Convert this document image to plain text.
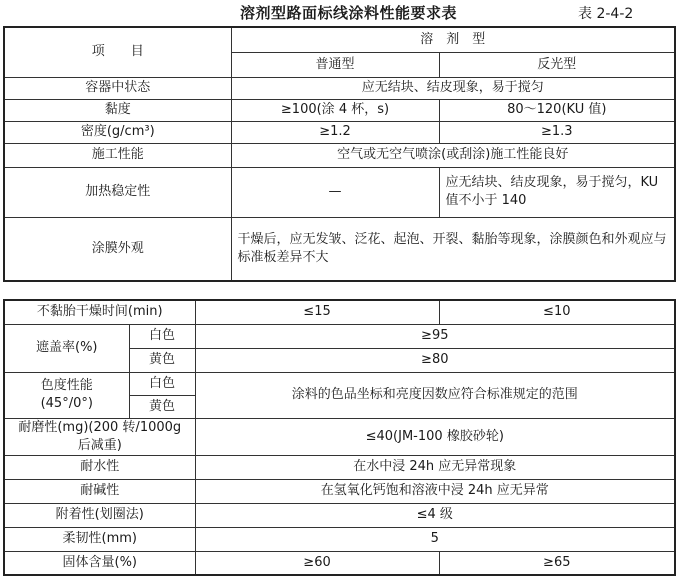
溶剂型路面标线涂料性能要求表	表 2-4-2
项　　目	溶　剂　型	
	普通型	反光型
容器中状态	应无结块、结皮现象，易于搅匀	
黏度	≥100(涂 4 杯，s)	80～120(KU 值)
密度(g/cm³)	≥1.2	≥1.3
施工性能	空气或无空气喷涂(或刮涂)施工性能良好	
加热稳定性	—	应无结块、结皮现象，易于搅匀，KU 值不小于 140
涂膜外观	干燥后，应无发皱、泛花、起泡、开裂、黏胎等现象，涂膜颜色和外观应与标准板差异不大	
不黏胎干燥时间(min)		≤15	≤10
遮盖率(%)	白色	≥95	
	黄色	≥80	

色度性能
(45°/0°)	白色	涂料的色品坐标和亮度因数应符合标准规定的范围	
	黄色		
耐磨性(mg)(200 转/1000g 后减重)		≤40(JM-100 橡胶砂轮)	
耐水性		在水中浸 24h 应无异常现象	
耐碱性		在氢氧化钙饱和溶液中浸 24h 应无异常	
附着性(划圈法)		≤4 级	
柔韧性(mm)		5	
固体含量(%)		≥60	≥65
